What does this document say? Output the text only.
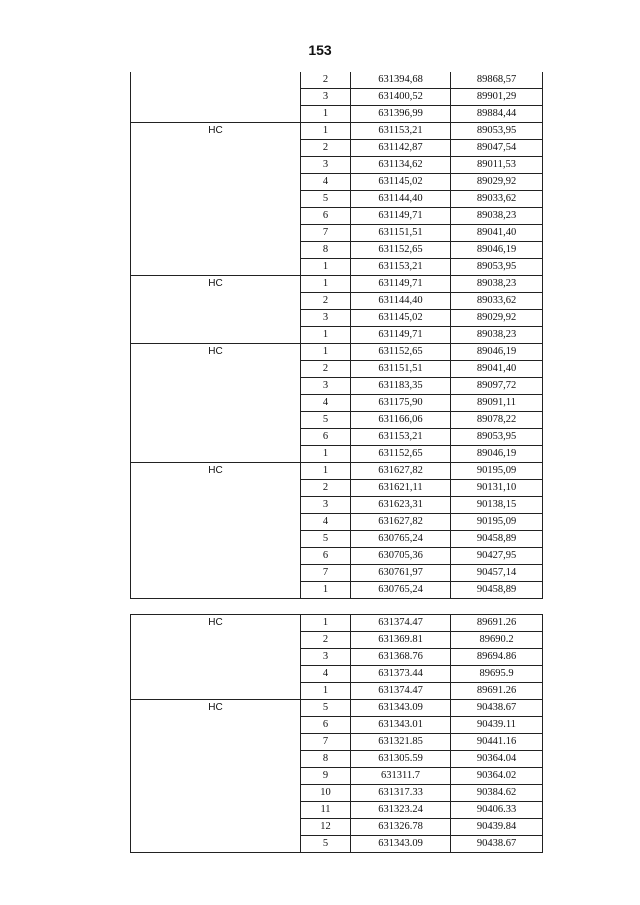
153
	2	631394,68	89868,57
	3	631400,52	89901,29
	1	631396,99	89884,44
НС	1	631153,21	89053,95
	2	631142,87	89047,54
	3	631134,62	89011,53
	4	631145,02	89029,92
	5	631144,40	89033,62
	6	631149,71	89038,23
	7	631151,51	89041,40
	8	631152,65	89046,19
	1	631153,21	89053,95
НС	1	631149,71	89038,23
	2	631144,40	89033,62
	3	631145,02	89029,92
	1	631149,71	89038,23
НС	1	631152,65	89046,19
	2	631151,51	89041,40
	3	631183,35	89097,72
	4	631175,90	89091,11
	5	631166,06	89078,22
	6	631153,21	89053,95
	1	631152,65	89046,19
НС	1	631627,82	90195,09
	2	631621,11	90131,10
	3	631623,31	90138,15
	4	631627,82	90195,09
	5	630765,24	90458,89
	6	630705,36	90427,95
	7	630761,97	90457,14
	1	630765,24	90458,89
НС	1	631374.47	89691.26
	2	631369.81	89690.2
	3	631368.76	89694.86
	4	631373.44	89695.9
	1	631374.47	89691.26
НС	5	631343.09	90438.67
	6	631343.01	90439.11
	7	631321.85	90441.16
	8	631305.59	90364.04
	9	631311.7	90364.02
	10	631317.33	90384.62
	11	631323.24	90406.33
	12	631326.78	90439.84
	5	631343.09	90438.67
